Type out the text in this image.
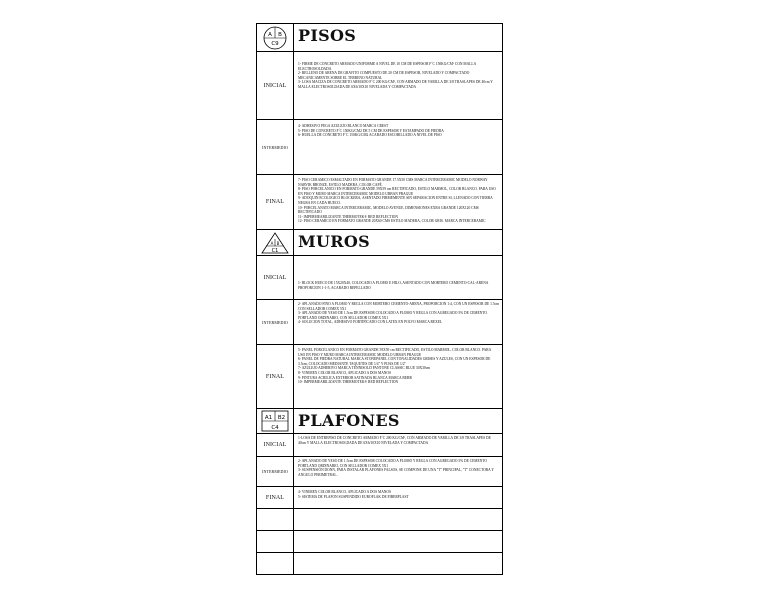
A B
C9 PISOS
INICIAL
1- FIRME DE CONCRETO ARMADO UNIFORME A NIVEL DE 10 CM DE ESPESOR F´C 150KG/CM² CON MALLA ELECTROSOLDADA
2- RELLENO DE ARENA DE GRAVITO COMPUESTO DE 20 CM DE ESPESOR, NIVELADO Y COMPACTADO MECANICAMENTE SOBRE EL TERRENO NATURAL
3- LOSA MACIZA DE CONCRETO ARMADO F´C 200 KG/CM², CON ARMADO DE VARILLA DE 3/8 TRASLAPES DE 40cm Y MALLA ELECTROSOLDADA DE 6X6/10X10 NIVELADA Y COMPACTADA
INTERMEDIO
4- ADHESIVO PEGA AZULEJO BLANCO MARCA CREST
5- PISO DE CONCRETO F´C 150KG/CM2 DE 5 CM DE ESPESOR Y ESTAMPADO DE PIEDRA
6- HUELLA DE CONCRETO F´C 150KG/CM2 ACABADO ESCOBILLADO A NIVEL DE PISO
FINAL
7- PISO CERAMICO ESMALTADO EN FORMATO GRANDE 17.5X50 CMS MARCA INTERCERAMIC MODELO NORWAY NARVIK BRONZE, ESTILO MADERA, COLOR CAFÉ.
8- PISO PORCELANICO EN FORMATO GRANDE 59X59 cm RECTIFICADO, ESTILO MARMOL, COLOR BLANCO. PARA USO EN PISO Y MURO MARCA INTERCERAMIC MODELO URBAN PRAGUE
9- ADOQUIN ECOLOGICO BLOCKERA, ASENTADO FIRMEMENTE SIN SEPARACION ENTRE SI, LLENADO CON TIERRA NEGRA EN CADA HUECO.
10- PORCELANATO MARCA INTERCERAMIC, MODELO AVENUE, DIMENSIONES EXRA GRANDE 120X120 CMS RECTIFICADO
11- IMPERMEABILIZANTE THERMOTEK® RED REFLECTION
12- PISO CERAMICO EN FORMATO GRANDE 20X60 CMS ESTILO MADERA, COLOR GRIS. MARCA INTERCERAMIC
A B
C1 MUROS
INICIAL
1- BLOCK HUECO DE 15X20X40, COLOCADO A PLOMO E HILO, ASENTADO CON MORTERO CEMENTO-CAL-ARENA PROPORCION 1-1-5, ACABADO REPELLADO
INTERMEDIO
2- APLANADO FINO A PLOMO Y REGLA CON MORTERO CEMENTO-ARENA, PROPORCION 1:4, CON UN ESPESOR DE 1.5cm CON SELLADOR COMEX 5X1
3- APLANADO DE YESO DE 1.5cm DE ESPESOR COLOCADO A PLOMO Y REGLA CON AGREGADO 5% DE CEMENTO PORTLAND ORDINARIO, CON SELLADOR COMEX 5X1
4- SOLUCION TOTAL, ADHESIVO FORTIFICADO CON LATEX EN POLVO MARCA REXEL
FINAL
5- PANEL PORCELANICO EN FORMATO GRANDE 59X59 cm RECTIFICADO, ESTILO MARMOL, COLOR BLANCO. PARA USO EN PISO Y MURO MARCA INTERCERAMIC MODELO URBAN PRAGUE
6- PANEL DE PIEDRA NATURAL MARCA STONEPANEL CON TONALIDADES GRISES Y AZULES, CON UN ESPESOR DE 3.5cm, COLOCADO MEDIANTE TAQUETES DE 1/4" Y PIJAS DE 1/2"
7- AZULEJO ADHERIVO MARCA TENNISOLD PANTONE CLASSIC BLUE 30X30cm
8- VINIMEX COLOR BLANCO, APLICADO A DOS MANOS
9- PINTURA ACRILICA EXTERIOR SATINADA BLANCA MARCA BEHR
10- IMPERMEABILIZANTE THERMOTEK® RED REFLECTION
A1 B2
C4 PLAFONES
INICIAL
1-LOSA DE ENTREPISO DE CONCRETO ARMADO F´C 200 KG/CM², CON ARMADO DE VARILLA DE 3/8 TRASLAPES DE 40cm Y MALLA ELECTROSOLDADA DE 6X6/10X10 NIVELADA Y COMPACTADA
INTERMEDIO
2- APLANADO DE YESO DE 1.5cm DE ESPESOR COLOCADO A PLOMO Y REGLA CON AGREGADO 5% DE CEMENTO PORTLAND ORDINARIO, CON SELLADOR COMEX 5X1
3- SUSPENSIÓN DONN, PARA INSTALAR PLAFONES FALSOS, SE COMPONE DE UNA "T" PRINCIPAL, "T" CONECTORA Y ANGULO PERIMETRAL.
FINAL
4- VINIMEX COLOR BLANCO, APLICADO A DOS MANOS
5- SISTEMA DE PLAFON SUSPENDIDO EUROFLAK DE FIBERPLAST
